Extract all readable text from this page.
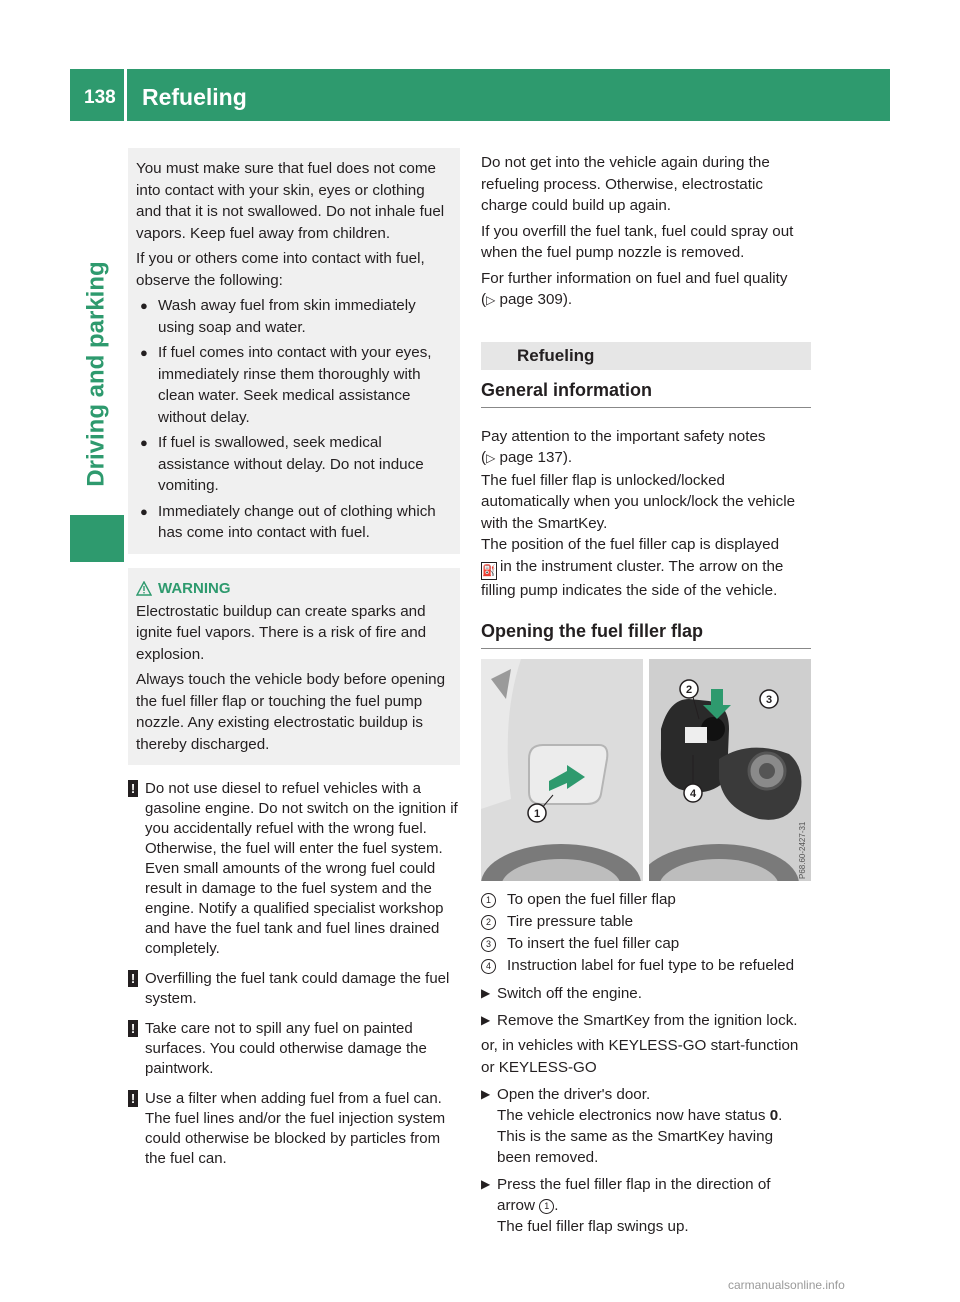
138 Refueling
Driving and parking

You must make sure that fuel does not come into contact with your skin, eyes or clothing and that it is not swallowed. Do not inhale fuel vapors. Keep fuel away from children.

If you or others come into contact with fuel, observe the following:

● Wash away fuel from skin immediately using soap and water.
● If fuel comes into contact with your eyes, immediately rinse them thoroughly with clean water. Seek medical assistance without delay.
● If fuel is swallowed, seek medical assistance without delay. Do not induce vomiting.
● Immediately change out of clothing which has come into contact with fuel.
WARNING

Electrostatic buildup can create sparks and ignite fuel vapors. There is a risk of fire and explosion.

Always touch the vehicle body before opening the fuel filler flap or touching the fuel pump nozzle. Any existing electrostatic buildup is thereby discharged.

! Do not use diesel to refuel vehicles with a gasoline engine. Do not switch on the ignition if you accidentally refuel with the wrong fuel. Otherwise, the fuel will enter the fuel system. Even small amounts of the wrong fuel could result in damage to the fuel system and the engine. Notify a qualified specialist workshop and have the fuel tank and fuel lines drained completely.
! Overfilling the fuel tank could damage the fuel system.
! Take care not to spill any fuel on painted surfaces. You could otherwise damage the paintwork.
! Use a filter when adding fuel from a fuel can. The fuel lines and/or the fuel injection system could otherwise be blocked by particles from the fuel can.

Do not get into the vehicle again during the refueling process. Otherwise, electrostatic charge could build up again.

If you overfill the fuel tank, fuel could spray out when the fuel pump nozzle is removed.

For further information on fuel and fuel quality
(▷ page 309).

Refueling
General information

Pay attention to the important safety notes
(▷ page 137).

The fuel filler flap is unlocked/locked automatically when you unlock/lock the vehicle with the SmartKey.

The position of the fuel filler cap is displayed
⛽ in the instrument cluster. The arrow on the filling pump indicates the side of the vehicle.

Opening the fuel filler flap
1
2
3
4
P68.60-2427-31
1	To open the fuel filler flap
2	Tire pressure table
3	To insert the fuel filler cap
4	Instruction label for fuel type to be refueled
▶ Switch off the engine.
▶ Remove the SmartKey from the ignition lock.

or, in vehicles with KEYLESS-GO start-function or KEYLESS-GO

▶ Open the driver's door.
The vehicle electronics now have status 0.
This is the same as the SmartKey having been removed.
▶ Press the fuel filler flap in the direction of arrow 1 .
The fuel filler flap swings up.
carmanualsonline.info
